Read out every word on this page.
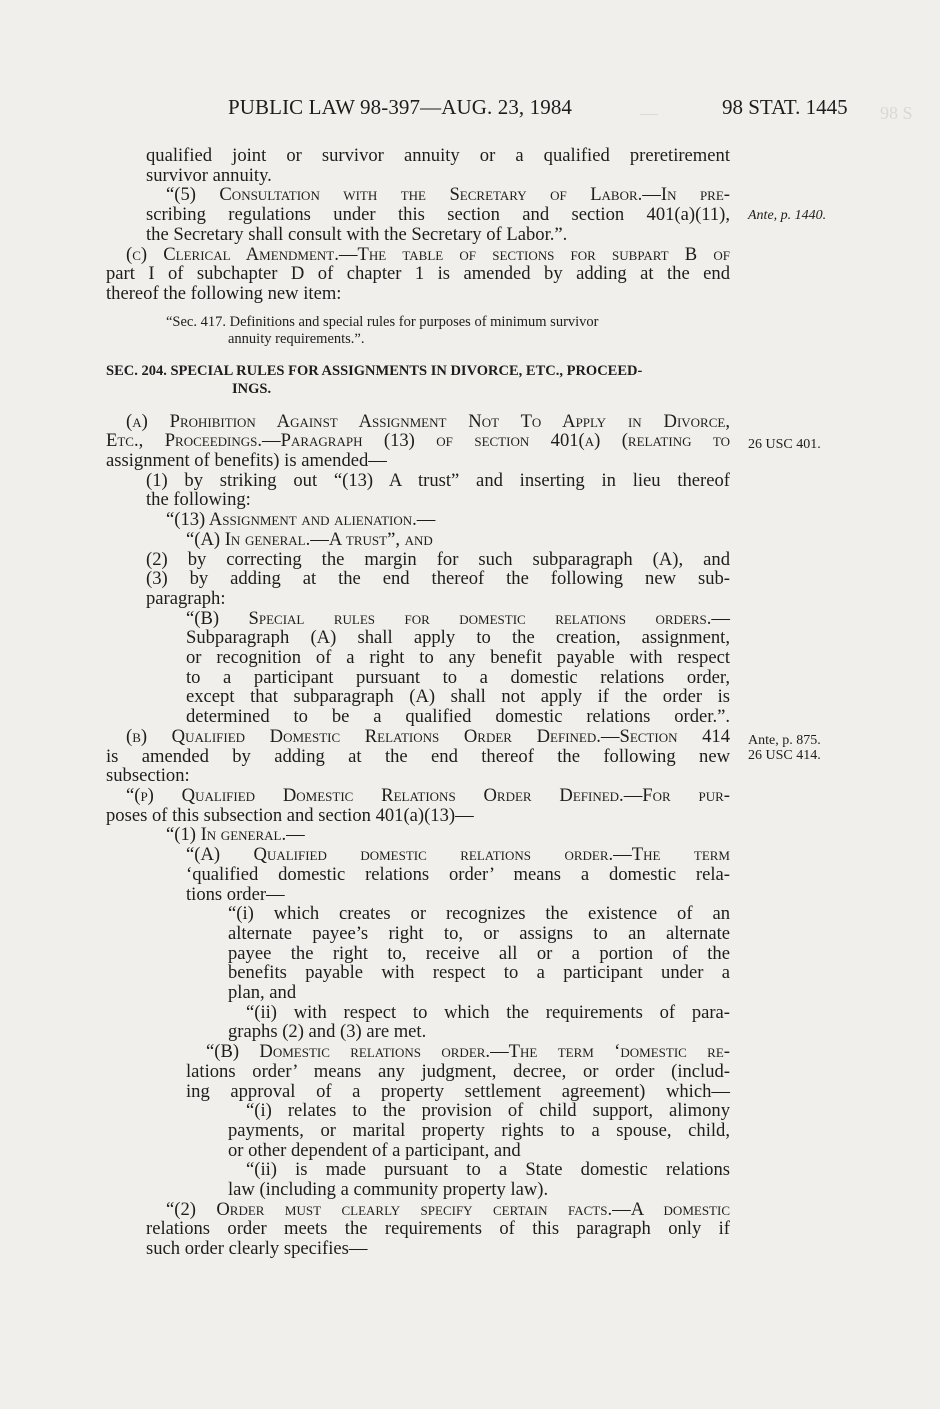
—	98 S
PUBLIC LAW 98-397—AUG. 23, 1984	98 STAT. 1445
qualified joint or survivor annuity or a qualified preretirement
survivor annuity.
“(5) Consultation with the Secretary of Labor.—In pre-
scribing regulations under this section and section 401(a)(11),
the Secretary shall consult with the Secretary of Labor.”.
(c) Clerical Amendment.—The table of sections for subpart B of
part I of subchapter D of chapter 1 is amended by adding at the end
thereof the following new item:
“Sec. 417. Definitions and special rules for purposes of minimum survivor
annuity requirements.”.
SEC. 204. SPECIAL RULES FOR ASSIGNMENTS IN DIVORCE, ETC., PROCEED-
INGS.
(a) Prohibition Against Assignment Not To Apply in Divorce,
Etc., Proceedings.—Paragraph (13) of section 401(a) (relating to
assignment of benefits) is amended—
(1) by striking out “(13) A trust” and inserting in lieu thereof
the following:
“(13) Assignment and alienation.—
“(A) In general.—A trust”, and
(2) by correcting the margin for such subparagraph (A), and
(3) by adding at the end thereof the following new sub-
paragraph:
“(B) Special rules for domestic relations orders.—
Subparagraph (A) shall apply to the creation, assignment,
or recognition of a right to any benefit payable with respect
to a participant pursuant to a domestic relations order,
except that subparagraph (A) shall not apply if the order is
determined to be a qualified domestic relations order.”.
(b) Qualified Domestic Relations Order Defined.—Section 414
is amended by adding at the end thereof the following new
subsection:
“(p) Qualified Domestic Relations Order Defined.—For pur-
poses of this subsection and section 401(a)(13)—
“(1) In general.—
“(A) Qualified domestic relations order.—The term
‘qualified domestic relations order’ means a domestic rela-
tions order—
“(i) which creates or recognizes the existence of an
alternate payee’s right to, or assigns to an alternate
payee the right to, receive all or a portion of the
benefits payable with respect to a participant under a
plan, and
“(ii) with respect to which the requirements of para-
graphs (2) and (3) are met.
“(B) Domestic relations order.—The term ‘domestic re-
lations order’ means any judgment, decree, or order (includ-
ing approval of a property settlement agreement) which—
“(i) relates to the provision of child support, alimony
payments, or marital property rights to a spouse, child,
or other dependent of a participant, and
“(ii) is made pursuant to a State domestic relations
law (including a community property law).
“(2) Order must clearly specify certain facts.—A domestic
relations order meets the requirements of this paragraph only if
such order clearly specifies—
Ante, p. 1440.
26 USC 401.
Ante, p. 875.
26 USC 414.
